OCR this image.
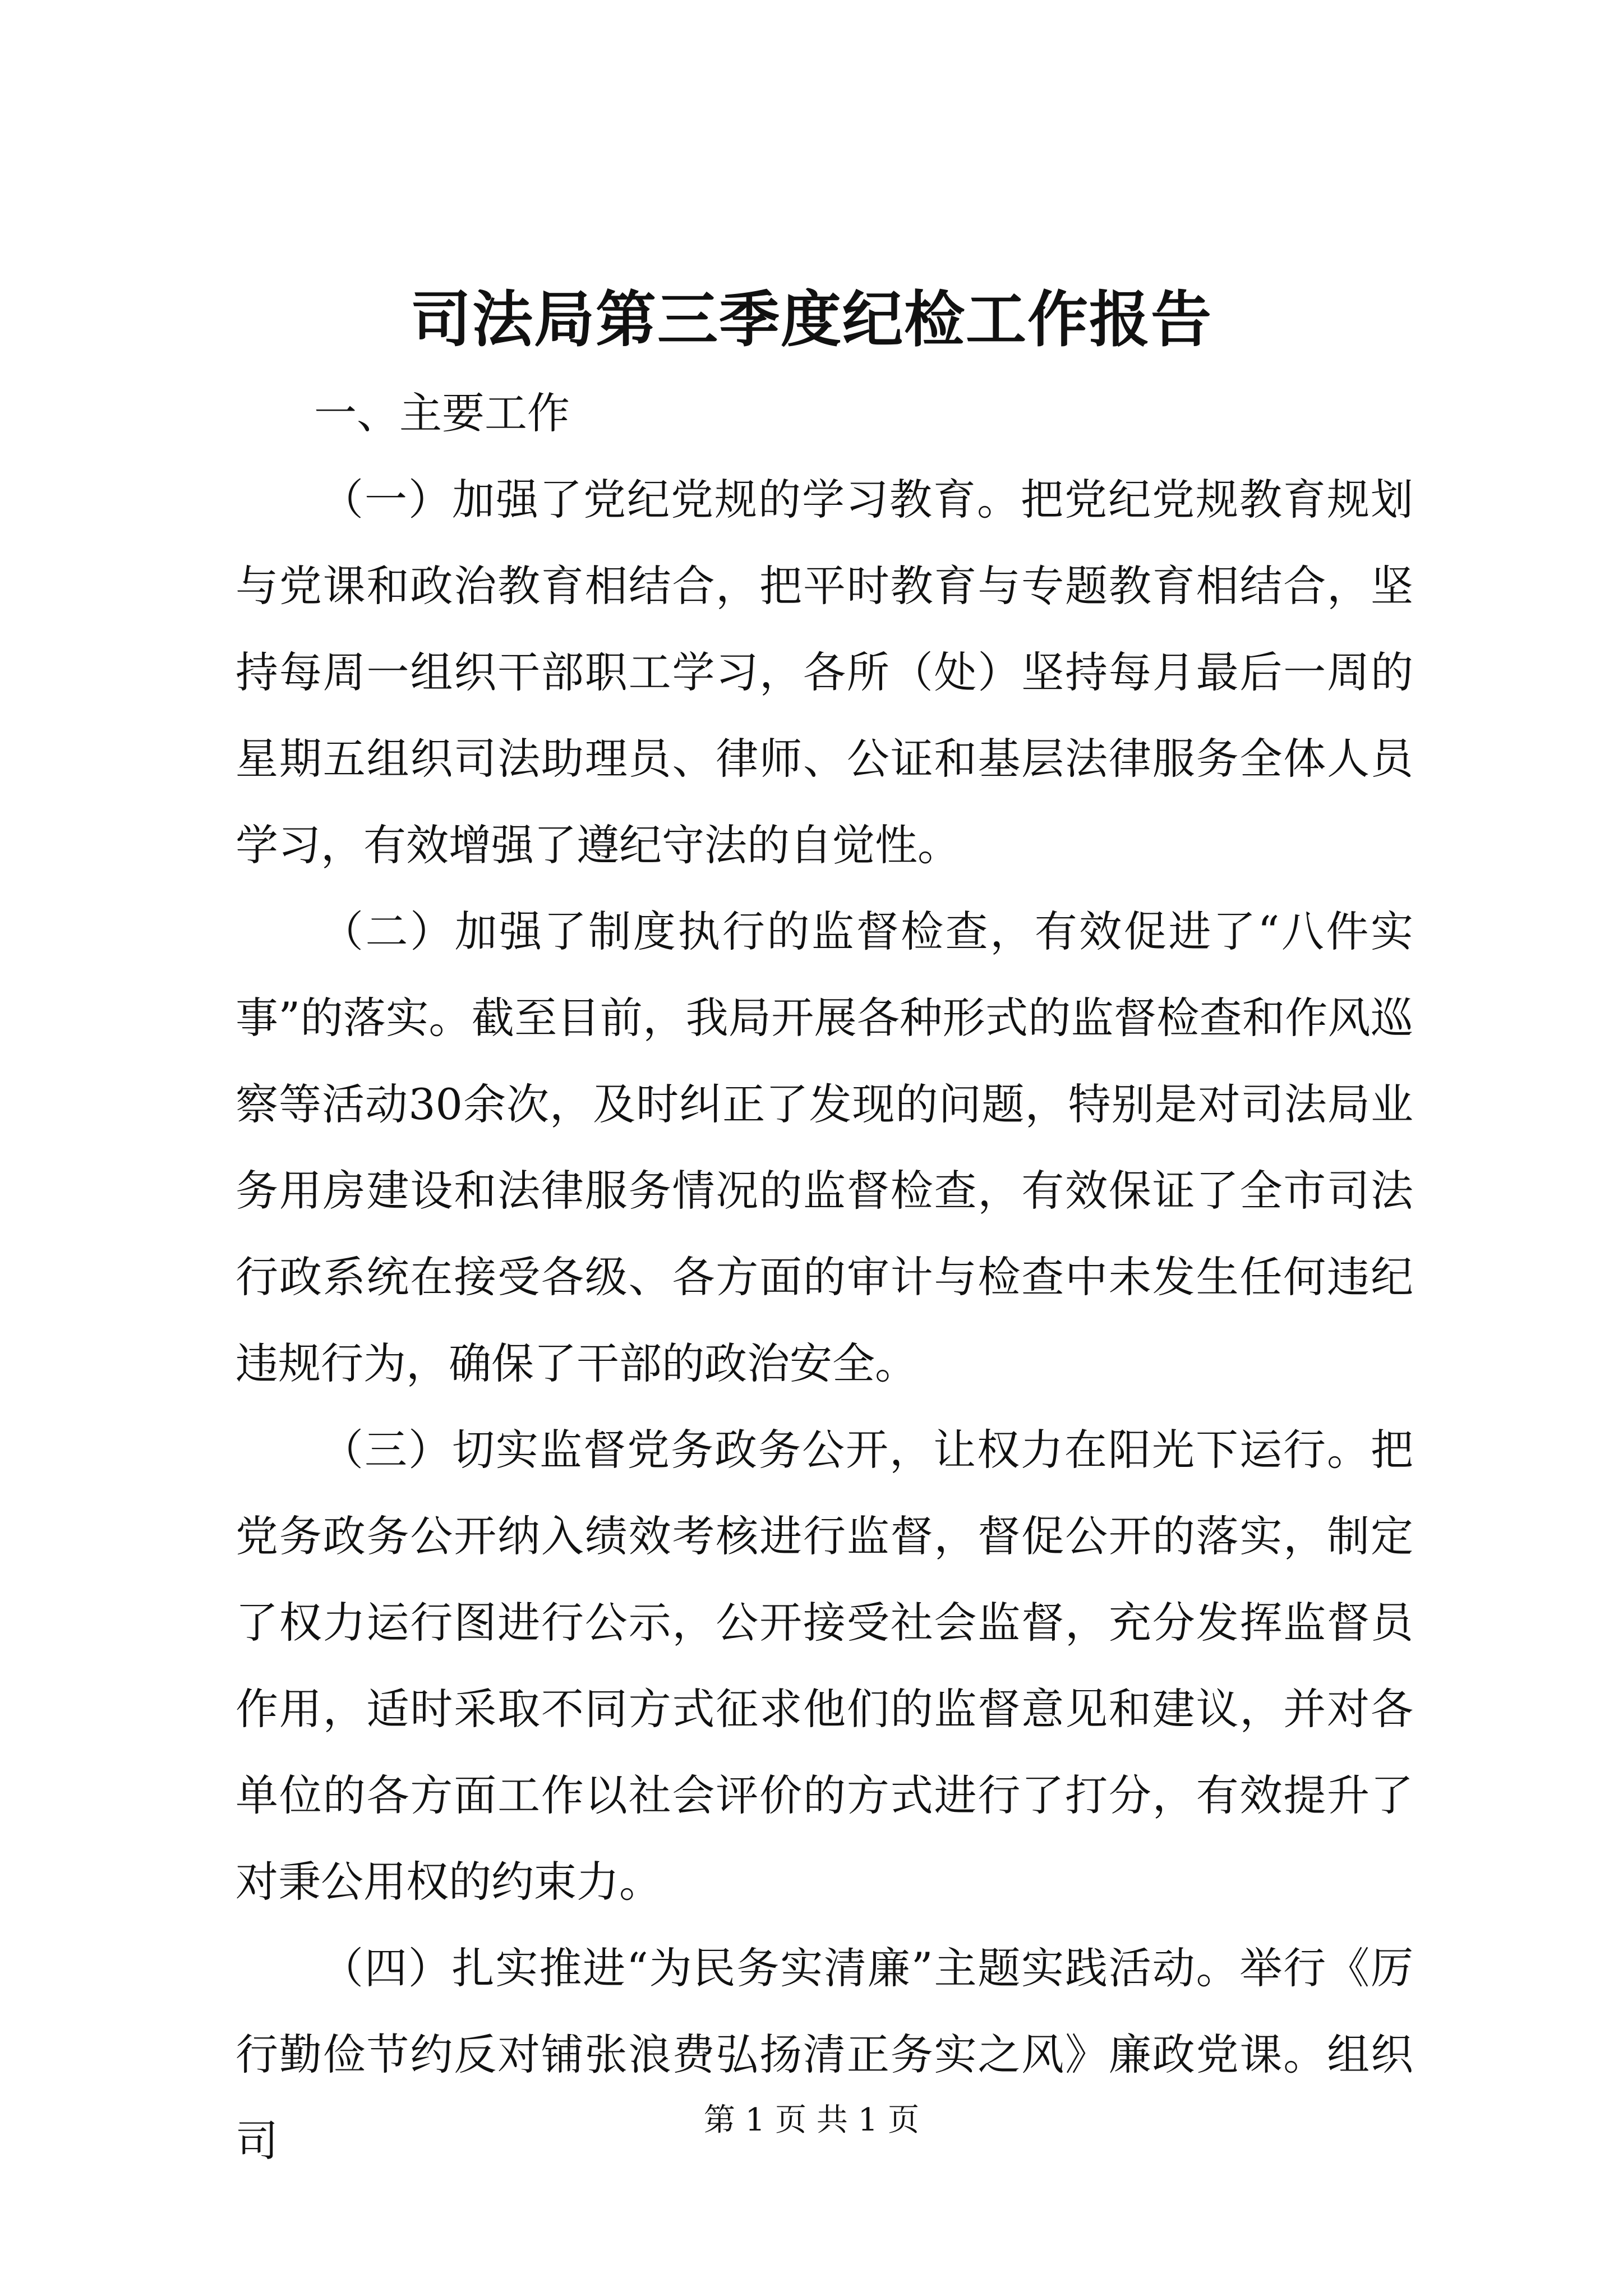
司法局第三季度纪检工作报告

一、主要工作

（一）加强了党纪党规的学习教育。把党纪党规教育规划与党课和政治教育相结合，把平时教育与专题教育相结合，坚持每周一组织干部职工学习，各所（处）坚持每月最后一周的星期五组织司法助理员、律师、公证和基层法律服务全体人员学习，有效增强了遵纪守法的自觉性。

（二）加强了制度执行的监督检查，有效促进了“八件实事”的落实。截至目前，我局开展各种形式的监督检查和作风巡察等活动30余次，及时纠正了发现的问题，特别是对司法局业务用房建设和法律服务情况的监督检查，有效保证了全市司法行政系统在接受各级、各方面的审计与检查中未发生任何违纪违规行为，确保了干部的政治安全。

（三）切实监督党务政务公开，让权力在阳光下运行。把党务政务公开纳入绩效考核进行监督，督促公开的落实，制定了权力运行图进行公示，公开接受社会监督，充分发挥监督员作用，适时采取不同方式征求他们的监督意见和建议，并对各单位的各方面工作以社会评价的方式进行了打分，有效提升了对秉公用权的约束力。

（四）扎实推进“为民务实清廉”主题实践活动。举行《厉行勤俭节约反对铺张浪费弘扬清正务实之风》廉政党课。组织司	第 1 页 共 1 页
